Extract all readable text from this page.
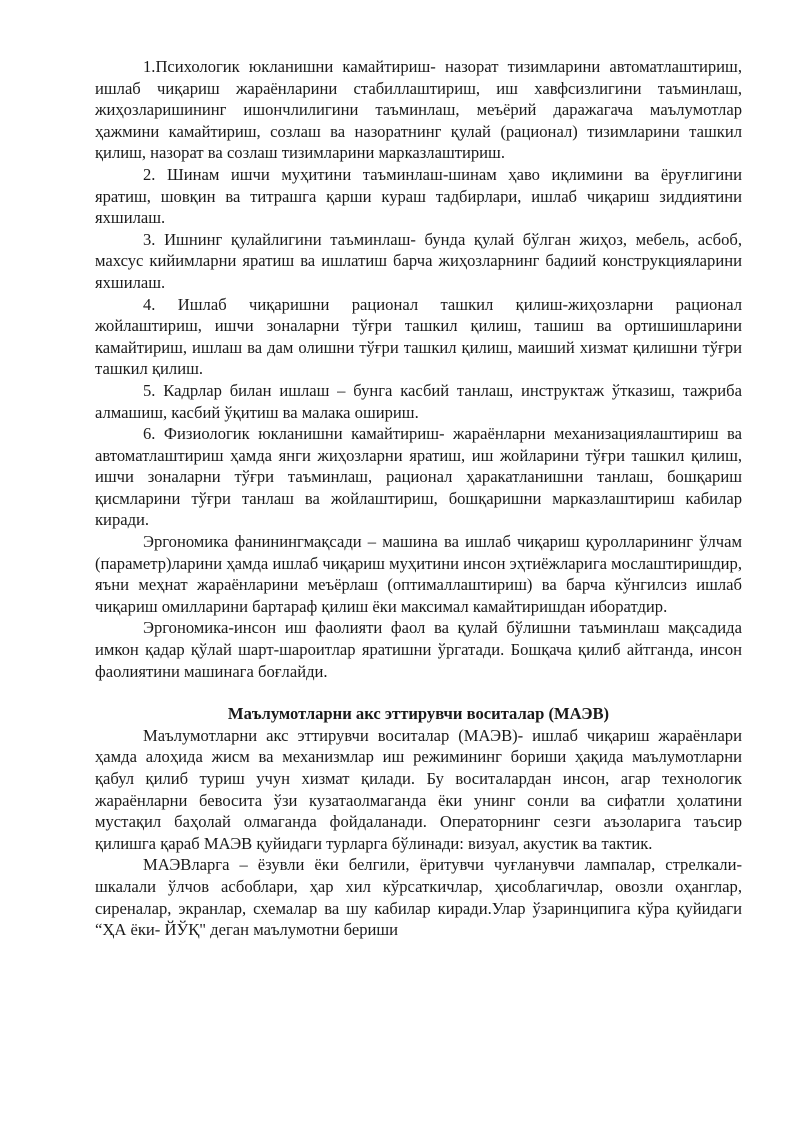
1.Психологик юкланишни камайтириш- назорат тизимларини автоматлаштириш, ишлаб чиқариш жараёнларини стабиллаштириш, иш хавфсизлигини таъминлаш, жиҳозларишининг ишончлилигини таъминлаш, меъёрий даражагача маълумотлар ҳажмини камайтириш, созлаш ва назоратнинг қулай (рационал) тизимларини ташкил қилиш, назорат ва созлаш тизимларини марказлаштириш.

2. Шинам ишчи муҳитини таъминлаш-шинам ҳаво иқлимини ва ёруғлигини яратиш, шовқин ва титрашга қарши кураш тадбирлари, ишлаб чиқариш зиддиятини яхшилаш.

3. Ишнинг қулайлигини таъминлаш- бунда қулай бўлган жиҳоз, мебель, асбоб, махсус кийимларни яратиш ва ишлатиш барча жиҳозларнинг бадиий конструкцияларини яхшилаш.

4. Ишлаб чиқаришни рационал ташкил қилиш-жиҳозларни рационал жойлаштириш, ишчи зоналарни тўғри ташкил қилиш, ташиш ва ортишишларини камайтириш, ишлаш ва дам олишни тўғри ташкил қилиш, маиший хизмат қилишни тўғри ташкил қилиш.

5. Кадрлар билан ишлаш – бунга касбий танлаш, инструктаж ўтказиш, тажриба алмашиш, касбий ўқитиш ва малака ошириш.

6. Физиологик юкланишни камайтириш- жараёнларни механизациялаштириш ва автоматлаштириш ҳамда янги жиҳозларни яратиш, иш жойларини тўғри ташкил қилиш, ишчи зоналарни тўғри таъминлаш, рационал ҳаракатланишни танлаш, бошқариш қисмларини тўғри танлаш ва жойлаштириш, бошқаришни марказлаштириш кабилар киради.

Эргономика фанинингмақсади – машина ва ишлаб чиқариш қуролларининг ўлчам (параметр)ларини ҳамда ишлаб чиқариш муҳитини инсон эҳтиёжларига мослаштиришдир, яъни меҳнат жараёнларини меъёрлаш (оптималлаштириш) ва барча кўнгилсиз ишлаб чиқариш омилларини бартараф қилиш ёки максимал камайтиришдан иборатдир.

Эргономика-инсон иш фаолияти фаол ва қулай бўлишни таъминлаш мақсадида имкон қадар қўлай шарт-шароитлар яратишни ўргатади. Бошқача қилиб айтганда, инсон фаолиятини машинага боғлайди.

Маълумотларни акс эттирувчи воситалар (МАЭВ)

Маълумотларни акс эттирувчи воситалар (МАЭВ)- ишлаб чиқариш жараёнлари ҳамда алоҳида жисм ва механизмлар иш режимининг бориши ҳақида маълумотларни қабул қилиб туриш учун хизмат қилади. Бу воситалардан инсон, агар технологик жараёнларни бевосита ўзи кузатаолмаганда ёки унинг сонли ва сифатли ҳолатини мустақил баҳолай олмаганда фойдаланади. Операторнинг сезги аъзоларига таъсир қилишга қараб МАЭВ қуйидаги турларга бўлинади: визуал, акустик ва тактик.

МАЭВларга – ёзувли ёки белгили, ёритувчи чуғланувчи лампалар, стрелкали-шкалали ўлчов асбоблари, ҳар хил кўрсаткичлар, ҳисоблагичлар, овозли оҳанглар, сиреналар, экранлар, схемалар ва шу кабилар киради.Улар ўзаринципига кўра қуйидаги “ҲА ёки- ЙЎҚ" деган маълумотни бериши
